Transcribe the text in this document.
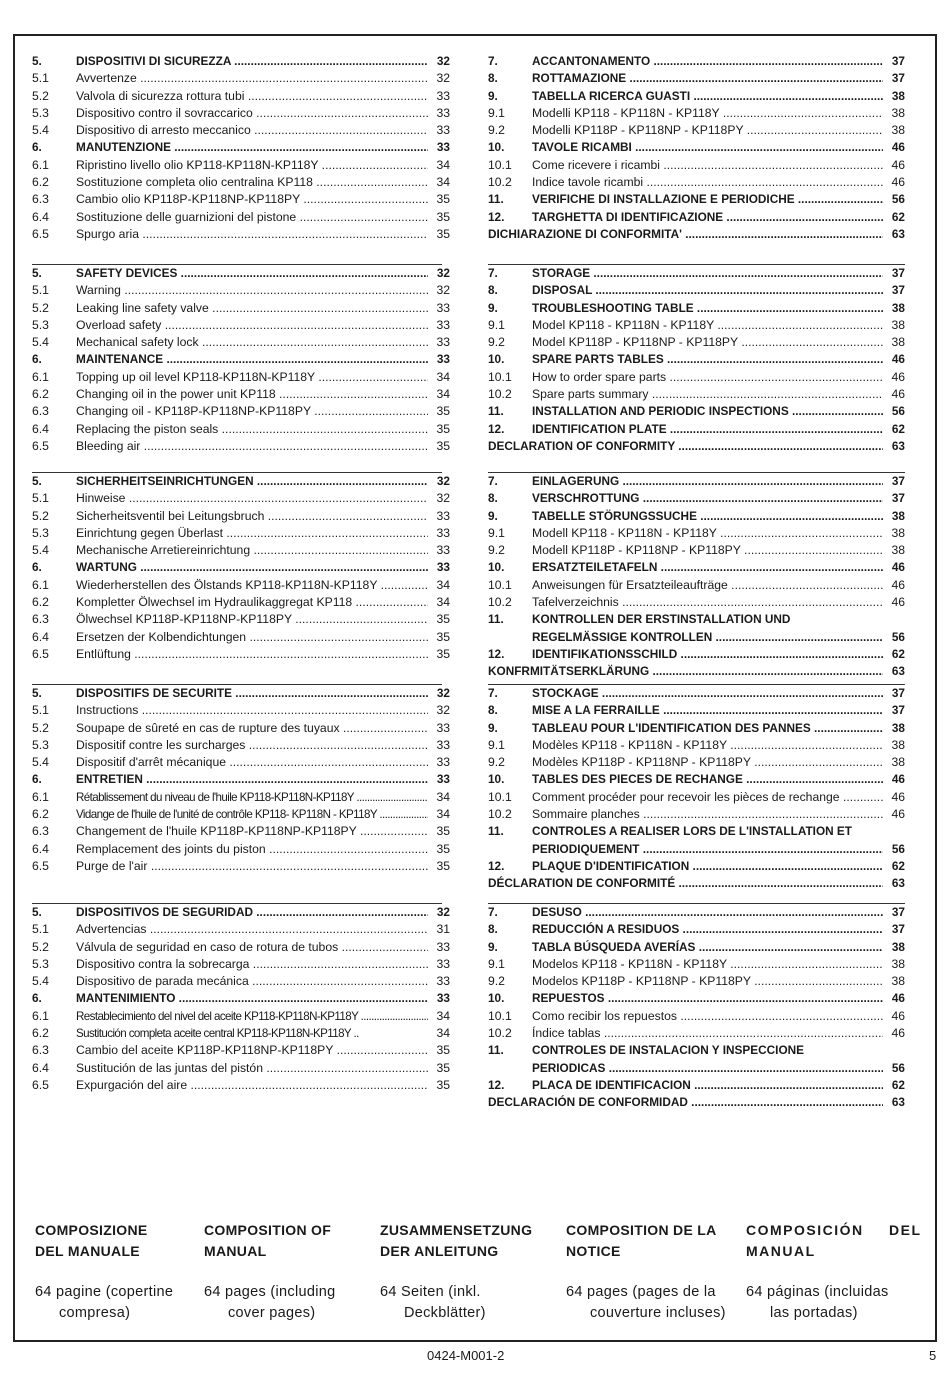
5.	DISPOSITIVI DI SICUREZZA .....	32
5.1 Avvertenze .....	32
5.2 Valvola di sicurezza rottura tubi .....	33
5.3 Dispositivo contro il sovraccarico .....	33
5.4 Dispositivo di arresto meccanico .....	33
6.	MANUTENZIONE .....	33
6.1 Ripristino livello olio KP118-KP118N-KP118Y .....	34
6.2 Sostituzione completa olio centralina KP118 .....	34
6.3 Cambio olio KP118P-KP118NP-KP118PY .....	35
6.4 Sostituzione delle guarnizioni del pistone .....	35
6.5 Spurgo aria .....	35
7.	ACCANTONAMENTO .....	37
8.	ROTTAMAZIONE .....	37
9.	TABELLA RICERCA GUASTI .....	38
9.1 Modelli KP118 - KP118N - KP118Y .....	38
9.2 Modelli KP118P - KP118NP - KP118PY .....	38
10. TAVOLE RICAMBI .....	46
10.1 Come ricevere i ricambi .....	46
10.2 Indice tavole ricambi .....	46
11. VERIFICHE DI INSTALLAZIONE E PERIODICHE .....	56
12. TARGHETTA DI IDENTIFICAZIONE .....	62
DICHIARAZIONE DI CONFORMITA' .....	63
5.	SAFETY DEVICES .....	32
5.1 Warning .....	32
5.2 Leaking line safety valve .....	33
5.3 Overload safety .....	33
5.4 Mechanical safety lock .....	33
6.	MAINTENANCE .....	33
6.1 Topping up oil level KP118-KP118N-KP118Y .....	34
6.2 Changing oil in the power unit KP118 .....	34
6.3 Changing oil - KP118P-KP118NP-KP118PY .....	35
6.4 Replacing the piston seals .....	35
6.5 Bleeding air .....	35
7.	STORAGE .....	37
8.	DISPOSAL .....	37
9.	TROUBLESHOOTING TABLE .....	38
9.1 Model KP118 - KP118N - KP118Y .....	38
9.2 Model KP118P - KP118NP - KP118PY .....	38
10. SPARE PARTS TABLES .....	46
10.1 How to order spare parts .....	46
10.2 Spare parts summary .....	46
11. INSTALLATION AND PERIODIC INSPECTIONS .....	56
12. IDENTIFICATION PLATE .....	62
DECLARATION OF CONFORMITY .....	63
5.	SICHERHEITSEINRICHTUNGEN .....	32
5.1 Hinweise .....	32
5.2 Sicherheitsventil bei Leitungsbruch .....	33
5.3 Einrichtung gegen Überlast .....	33
5.4 Mechanische Arretiereinrichtung .....	33
6.	WARTUNG .....	33
6.1 Wiederherstellen des Ölstands KP118-KP118N-KP118Y .....	34
6.2 Kompletter Ölwechsel im Hydraulikaggregat KP118 .....	34
6.3 Ölwechsel KP118P-KP118NP-KP118PY .....	35
6.4 Ersetzen der Kolbendichtungen .....	35
6.5 Entlüftung .....	35
7.	EINLAGERUNG .....	37
8.	VERSCHROTTUNG .....	37
9.	TABELLE STÖRUNGSSUCHE .....	38
9.1 Modell KP118 - KP118N - KP118Y .....	38
9.2 Modell KP118P - KP118NP - KP118PY .....	38
10. ERSATZTEILETAFELN .....	46
10.1 Anweisungen für Ersatzteileaufträge .....	46
10.2 Tafelverzeichnis .....	46
11. KONTROLLEN DER ERSTINSTALLATION UND
REGELMÄSSIGE KONTROLLEN .....	56
12. IDENTIFIKATIONSSCHILD .....	62
KONFRMITÄTSERKLÄRUNG .....	63
5.	DISPOSITIFS DE SECURITE .....	32
5.1 Instructions .....	32
5.2 Soupape de sûreté en cas de rupture des tuyaux .....	33
5.3 Dispositif contre les surcharges .....	33
5.4 Dispositif d'arrêt mécanique .....	33
6.	ENTRETIEN .....	33
6.1 Rétablissement du niveau de l'huile KP118-KP118N-KP118Y .....	34
6.2 Vidange de l'huile de l'unité de contrôle KP118- KP118N - KP118Y .....	34
6.3 Changement de l'huile KP118P-KP118NP-KP118PY .....	35
6.4 Remplacement des joints du piston .....	35
6.5 Purge de l'air .....	35
7.	STOCKAGE .....	37
8.	MISE A LA FERRAILLE .....	37
9.	TABLEAU POUR L'IDENTIFICATION DES PANNES .....	38
9.1 Modèles KP118 - KP118N - KP118Y .....	38
9.2 Modèles KP118P - KP118NP - KP118PY .....	38
10. TABLES DES PIECES DE RECHANGE .....	46
10.1 Comment procéder pour recevoir les pièces de rechange .....	46
10.2 Sommaire planches .....	46
11. CONTROLES A REALISER LORS DE L'INSTALLATION ET
PERIODIQUEMENT .....	56
12. PLAQUE D'IDENTIFICATION .....	62
DÉCLARATION DE CONFORMITÉ .....	63
5.	DISPOSITIVOS DE SEGURIDAD .....	32
5.1 Advertencias .....	31
5.2 Válvula de seguridad en caso de rotura de tubos .....	33
5.3 Dispositivo contra la sobrecarga .....	33
5.4 Dispositivo de parada mecánica .....	33
6.	MANTENIMIENTO .....	33
6.1 Restablecimiento del nivel del aceite KP118-KP118N-KP118Y .....	34
6.2 Sustitución completa aceite central KP118-KP118N-KP118Y ..	34
6.3 Cambio del aceite KP118P-KP118NP-KP118PY .....	35
6.4 Sustitución de las juntas del pistón .....	35
6.5 Expurgación del aire .....	35
7.	DESUSO .....	37
8.	REDUCCIÓN A RESIDUOS .....	37
9.	TABLA BÚSQUEDA AVERÍAS .....	38
9.1 Modelos KP118 - KP118N - KP118Y .....	38
9.2 Modelos KP118P - KP118NP - KP118PY .....	38
10. REPUESTOS .....	46
10.1 Como recibir los repuestos .....	46
10.2 Índice tablas .....	46
11. CONTROLES DE INSTALACION Y INSPECCIONE
PERIODICAS .....	56
12. PLACA DE IDENTIFICACION .....	62
DECLARACIÓN DE CONFORMIDAD .....	63
COMPOSIZIONE
DEL MANUALE
64 pagine (copertine
compresa)
COMPOSITION OF
MANUAL
64 pages (including
cover pages)
ZUSAMMENSETZUNG
DER ANLEITUNG
64 Seiten (inkl.
Deckblätter)
COMPOSITION DE LA
NOTICE
64 pages (pages de la
couverture incluses)
COMPOSICIÓN DEL
MANUAL
64 páginas (incluidas
las portadas)
0424-M001-2	5
